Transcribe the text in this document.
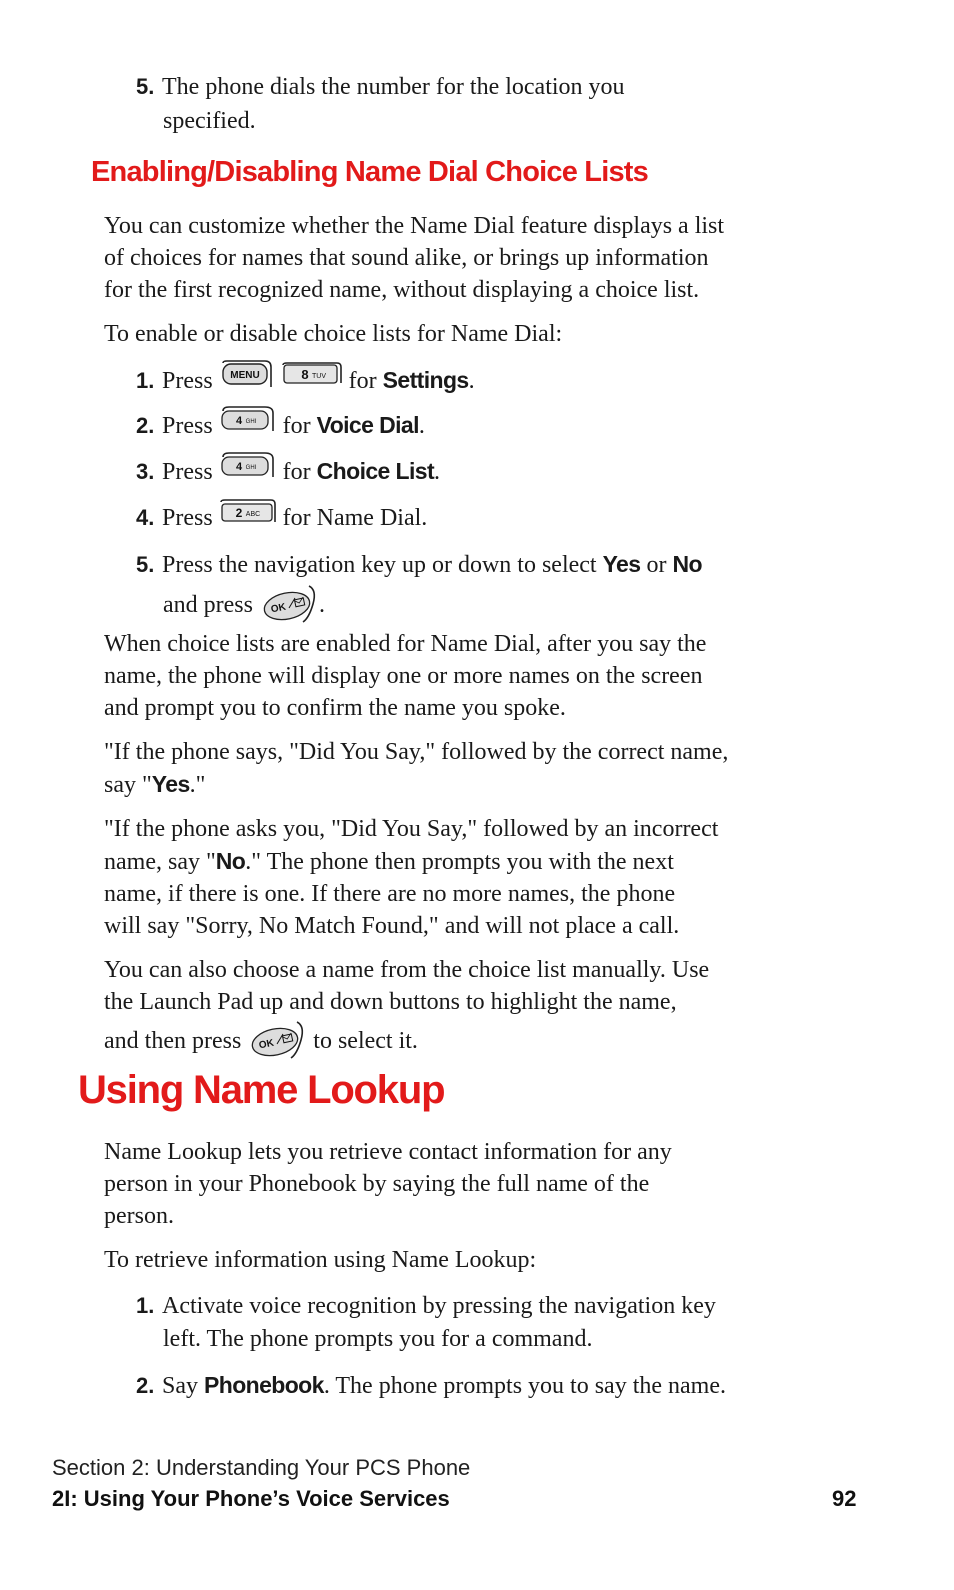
5. The phone dials the number for the location you
specified.
Enabling/Disabling Name Dial Choice Lists

You can customize whether the Name Dial feature displays a list

of choices for names that sound alike, or brings up information

for the first recognized name, without displaying a choice list.

To enable or disable choice lists for Name Dial:
1. Press MENU
	8 TUV for Settings.
2. Press 4 GHI for Voice Dial.
3. Press 4 GHI for Choice List.
4. Press 2 ABC for Name Dial.
5. Press the navigation key up or down to select Yes or No
and press OK .

When choice lists are enabled for Name Dial, after you say the

name, the phone will display one or more names on the screen

and prompt you to confirm the name you spoke.

"If the phone says, "Did You Say," followed by the correct name,

say "Yes."

"If the phone asks you, "Did You Say," followed by an incorrect

name, say "No." The phone then prompts you with the next

name, if there is one. If there are no more names, the phone

will say "Sorry, No Match Found," and will not place a call.

You can also choose a name from the choice list manually. Use

the Launch Pad up and down buttons to highlight the name,

and then press OK to select it.
Using Name Lookup

Name Lookup lets you retrieve contact information for any

person in your Phonebook by saying the full name of the

person.

To retrieve information using Name Lookup:
1. Activate voice recognition by pressing the navigation key
left. The phone prompts you for a command.
2. Say Phonebook. The phone prompts you to say the name.
Section 2: Understanding Your PCS Phone
2I: Using Your Phone’s Voice Services	92
